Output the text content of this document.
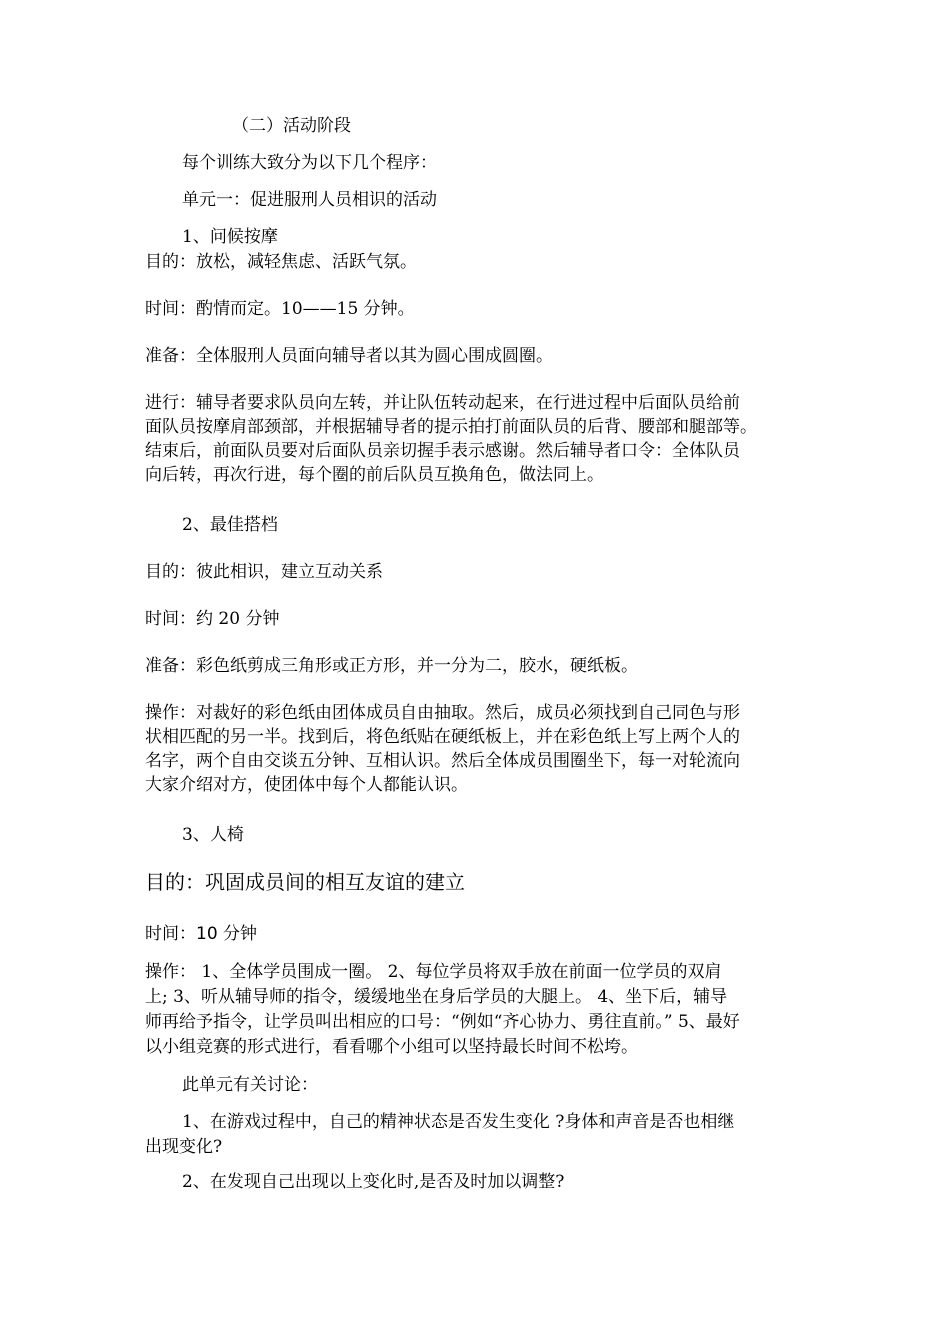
（二）活动阶段

每个训练大致分为以下几个程序：

单元一：促进服刑人员相识的活动

1、问候按摩

目的：放松，减轻焦虑、活跃气氛。

时间：酌情而定。10——15 分钟。

准备：全体服刑人员面向辅导者以其为圆心围成圆圈。

进行：辅导者要求队员向左转，并让队伍转动起来，在行进过程中后面队员给前

面队员按摩肩部颈部，并根据辅导者的提示拍打前面队员的后背、腰部和腿部等。

结束后，前面队员要对后面队员亲切握手表示感谢。然后辅导者口令：全体队员

向后转，再次行进，每个圈的前后队员互换角色，做法同上。

2、最佳搭档

目的：彼此相识，建立互动关系

时间：约 20 分钟

准备：彩色纸剪成三角形或正方形，并一分为二，胶水，硬纸板。

操作：对裁好的彩色纸由团体成员自由抽取。然后，成员必须找到自己同色与形

状相匹配的另一半。找到后，将色纸贴在硬纸板上，并在彩色纸上写上两个人的

名字，两个自由交谈五分钟、互相认识。然后全体成员围圈坐下，每一对轮流向

大家介绍对方，使团体中每个人都能认识。

3、人椅

目的：巩固成员间的相互友谊的建立

时间：10 分钟

操作： 1、全体学员围成一圈。 2、每位学员将双手放在前面一位学员的双肩

上; 3、听从辅导师的指令，缓缓地坐在身后学员的大腿上。 4、坐下后，辅导

师再给予指令，让学员叫出相应的口号：“例如“齐心协力、勇往直前。” 5、最好

以小组竞赛的形式进行，看看哪个小组可以坚持最长时间不松垮。

此单元有关讨论：

1、在游戏过程中，自己的精神状态是否发生变化 ?身体和声音是否也相继

出现变化?

2、在发现自己出现以上变化时,是否及时加以调整?
